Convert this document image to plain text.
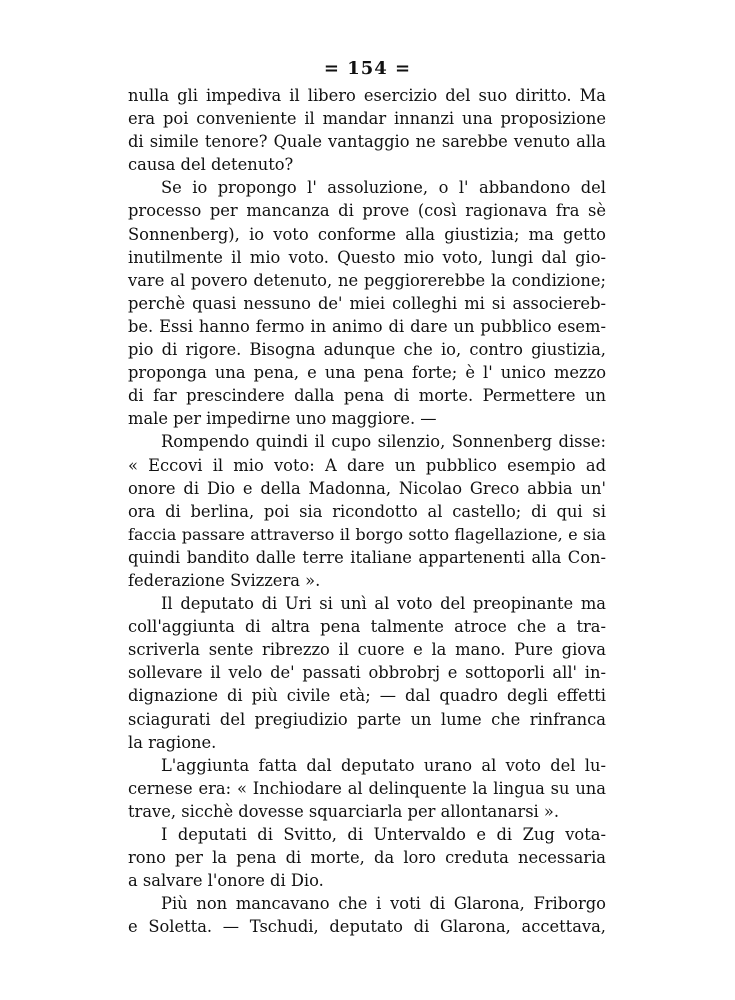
= 154 =
nulla gli impediva il libero esercizio del suo diritto. Ma
era poi conveniente il mandar innanzi una proposizione
di simile tenore? Quale vantaggio ne sarebbe venuto alla
causa del detenuto?
Se io propongo l' assoluzione, o l' abbandono del
processo per mancanza di prove (così ragionava fra sè
Sonnenberg), io voto conforme alla giustizia; ma getto
inutilmente il mio voto. Questo mio voto, lungi dal gio-
vare al povero detenuto, ne peggiorerebbe la condizione;
perchè quasi nessuno de' miei colleghi mi si associereb-
be. Essi hanno fermo in animo di dare un pubblico esem-
pio di rigore. Bisogna adunque che io, contro giustizia,
proponga una pena, e una pena forte; è l' unico mezzo
di far prescindere dalla pena di morte. Permettere un
male per impedirne uno maggiore. —
Rompendo quindi il cupo silenzio, Sonnenberg disse:
« Eccovi il mio voto: A dare un pubblico esempio ad
onore di Dio e della Madonna, Nicolao Greco abbia un'
ora di berlina, poi sia ricondotto al castello; di qui si
faccia passare attraverso il borgo sotto flagellazione, e sia
quindi bandito dalle terre italiane appartenenti alla Con-
federazione Svizzera ».
Il deputato di Uri si unì al voto del preopinante ma
coll'aggiunta di altra pena talmente atroce che a tra-
scriverla sente ribrezzo il cuore e la mano. Pure giova
sollevare il velo de' passati obbrobrj e sottoporli all' in-
dignazione di più civile età; — dal quadro degli effetti
sciagurati del pregiudizio parte un lume che rinfranca
la ragione.
L'aggiunta fatta dal deputato urano al voto del lu-
cernese era: « Inchiodare al delinquente la lingua su una
trave, sicchè dovesse squarciarla per allontanarsi ».
I deputati di Svitto, di Untervaldo e di Zug vota-
rono per la pena di morte, da loro creduta necessaria
a salvare l'onore di Dio.
Più non mancavano che i voti di Glarona, Friborgo
e Soletta. — Tschudi, deputato di Glarona, accettava,
